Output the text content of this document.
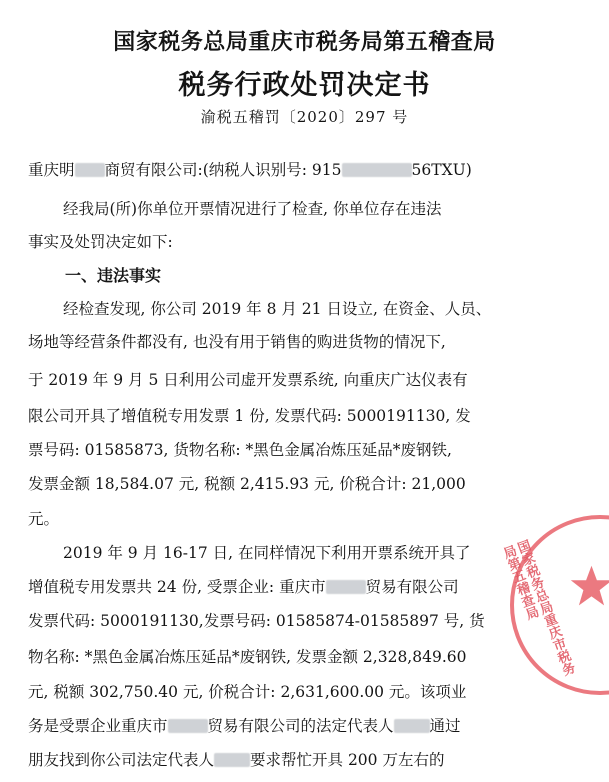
国家税务总局重庆市税务局第五稽查局
税务行政处罚决定书
渝税五稽罚〔2020〕297 号
重庆明 商贸有限公司:(纳税人识别号: 915	56TXU)
经我局(所)你单位开票情况进行了检查, 你单位存在违法
事实及处罚决定如下:
一、违法事实
经检查发现, 你公司 2019 年 8 月 21 日设立, 在资金、人员、
场地等经营条件都没有, 也没有用于销售的购进货物的情况下,
于 2019 年 9 月 5 日利用公司虚开发票系统, 向重庆广达仪表有
限公司开具了增值税专用发票 1 份, 发票代码: 5000191130, 发
票号码: 01585873, 货物名称: *黑色金属冶炼压延品*废钢铁,
发票金额 18,584.07 元, 税额 2,415.93 元, 价税合计: 21,000
元。
2019 年 9 月 16-17 日, 在同样情况下利用开票系统开具了
增值税专用发票共 24 份, 受票企业: 重庆市	贸易有限公司
发票代码: 5000191130,发票号码: 01585874-01585897 号, 货
物名称: *黑色金属冶炼压延品*废钢铁, 发票金额 2,328,849.60
元, 税额 302,750.40 元, 价税合计: 2,631,600.00 元。该项业
务是受票企业重庆市	贸易有限公司的法定代表人 通过
朋友找到你公司法定代表人 要求帮忙开具 200 万左右的
国家税务总局重庆市税务局第五稽查局
